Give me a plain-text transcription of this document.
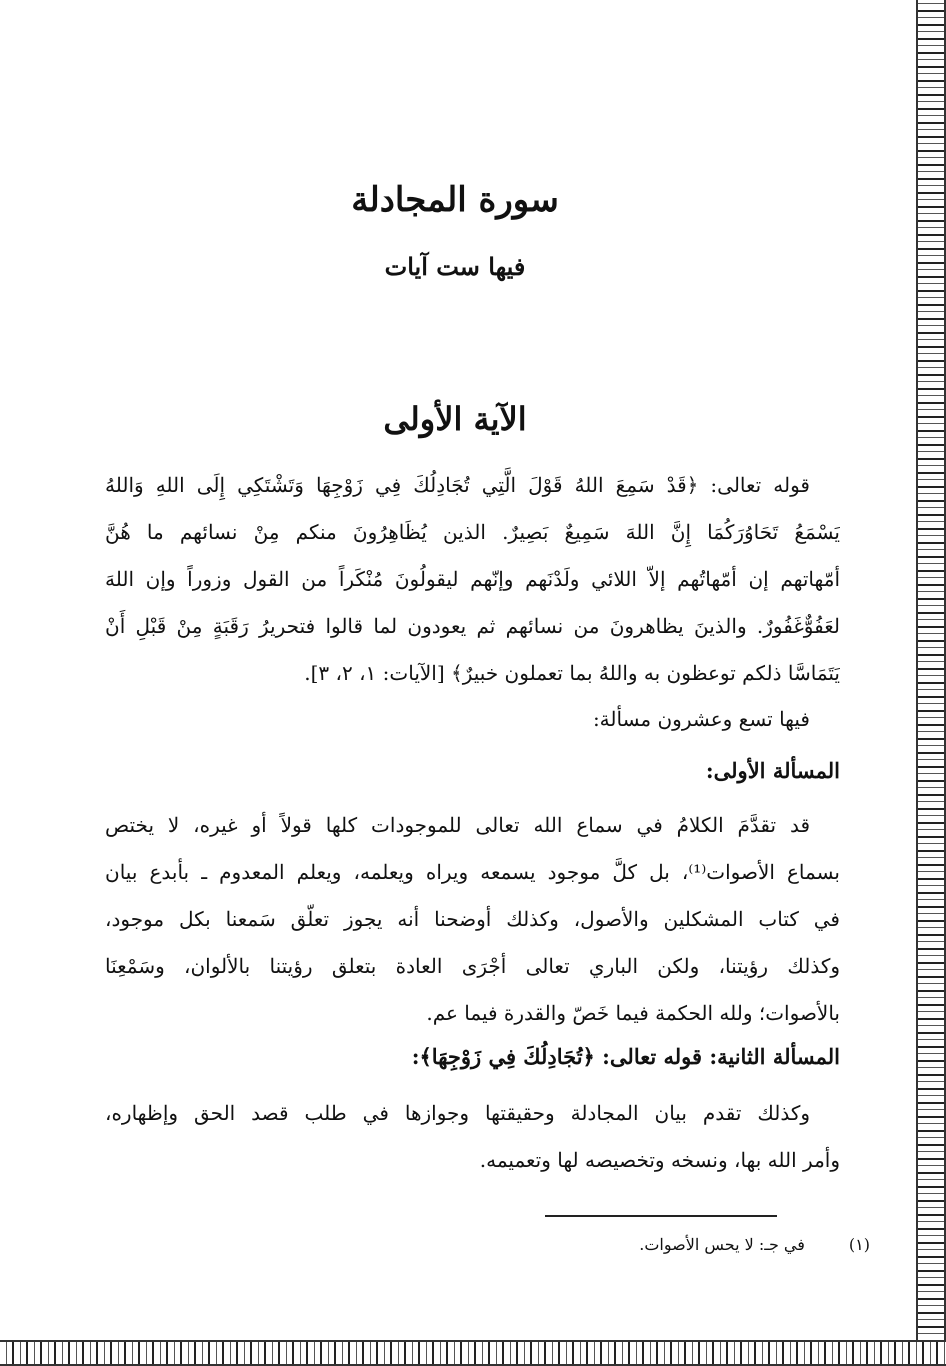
سورة المجادلة
فيها ست آيات
الآية الأولى
قوله تعالى: ﴿قَدْ سَمِعَ اللهُ قَوْلَ الَّتِي تُجَادِلُكَ فِي زَوْجِهَا وَتَشْتَكِي إِلَى اللهِ وَاللهُ
يَسْمَعُ تَحَاوُرَكُمَا إِنَّ اللهَ سَمِيعٌ بَصِيرٌ. الذين يُظَاهِرُونَ منكم مِنْ نسائهم ما هُنَّ
أمّهاتهم إن أمّهاتُهم إلاّ اللائي ولَدْنَهم وإنّهم ليقولُونَ مُنْكَراً من القول وزوراً وإن اللهَ
لعَفُوٌّغَفُورٌ. والذينَ يظاهرونَ من نسائهم ثم يعودون لما قالوا فتحريرُ رَقَبَةٍ مِنْ قَبْلِ أَنْ
يَتَمَاسَّا ذلكم توعظون به واللهُ بما تعملون خبيرٌ﴾ [الآيات: ١، ٢، ٣].
فيها تسع وعشرون مسألة:
المسألة الأولى:
قد تقدَّمَ الكلامُ في سماع الله تعالى للموجودات كلها قولاً أو غيره، لا يختص
بسماع الأصوات⁽¹⁾، بل كلَّ موجود يسمعه ويراه ويعلمه، ويعلم المعدوم ـ بأبدع بيان
في كتاب المشكلين والأصول، وكذلك أوضحنا أنه يجوز تعلّق سَمعنا بكل موجود،
وكذلك رؤيتنا، ولكن الباري تعالى أجْرَى العادة بتعلق رؤيتنا بالألوان، وسَمْعِنَا
بالأصوات؛ ولله الحكمة فيما خَصّ والقدرة فيما عم.
المسألة الثانية: قوله تعالى: ﴿تُجَادِلُكَ فِي زَوْجِهَا﴾:
وكذلك تقدم بيان المجادلة وحقيقتها وجوازها في طلب قصد الحق وإظهاره،
وأمر الله بها، ونسخه وتخصيصه لها وتعميمه.
(١) في جـ: لا يحس الأصوات.
